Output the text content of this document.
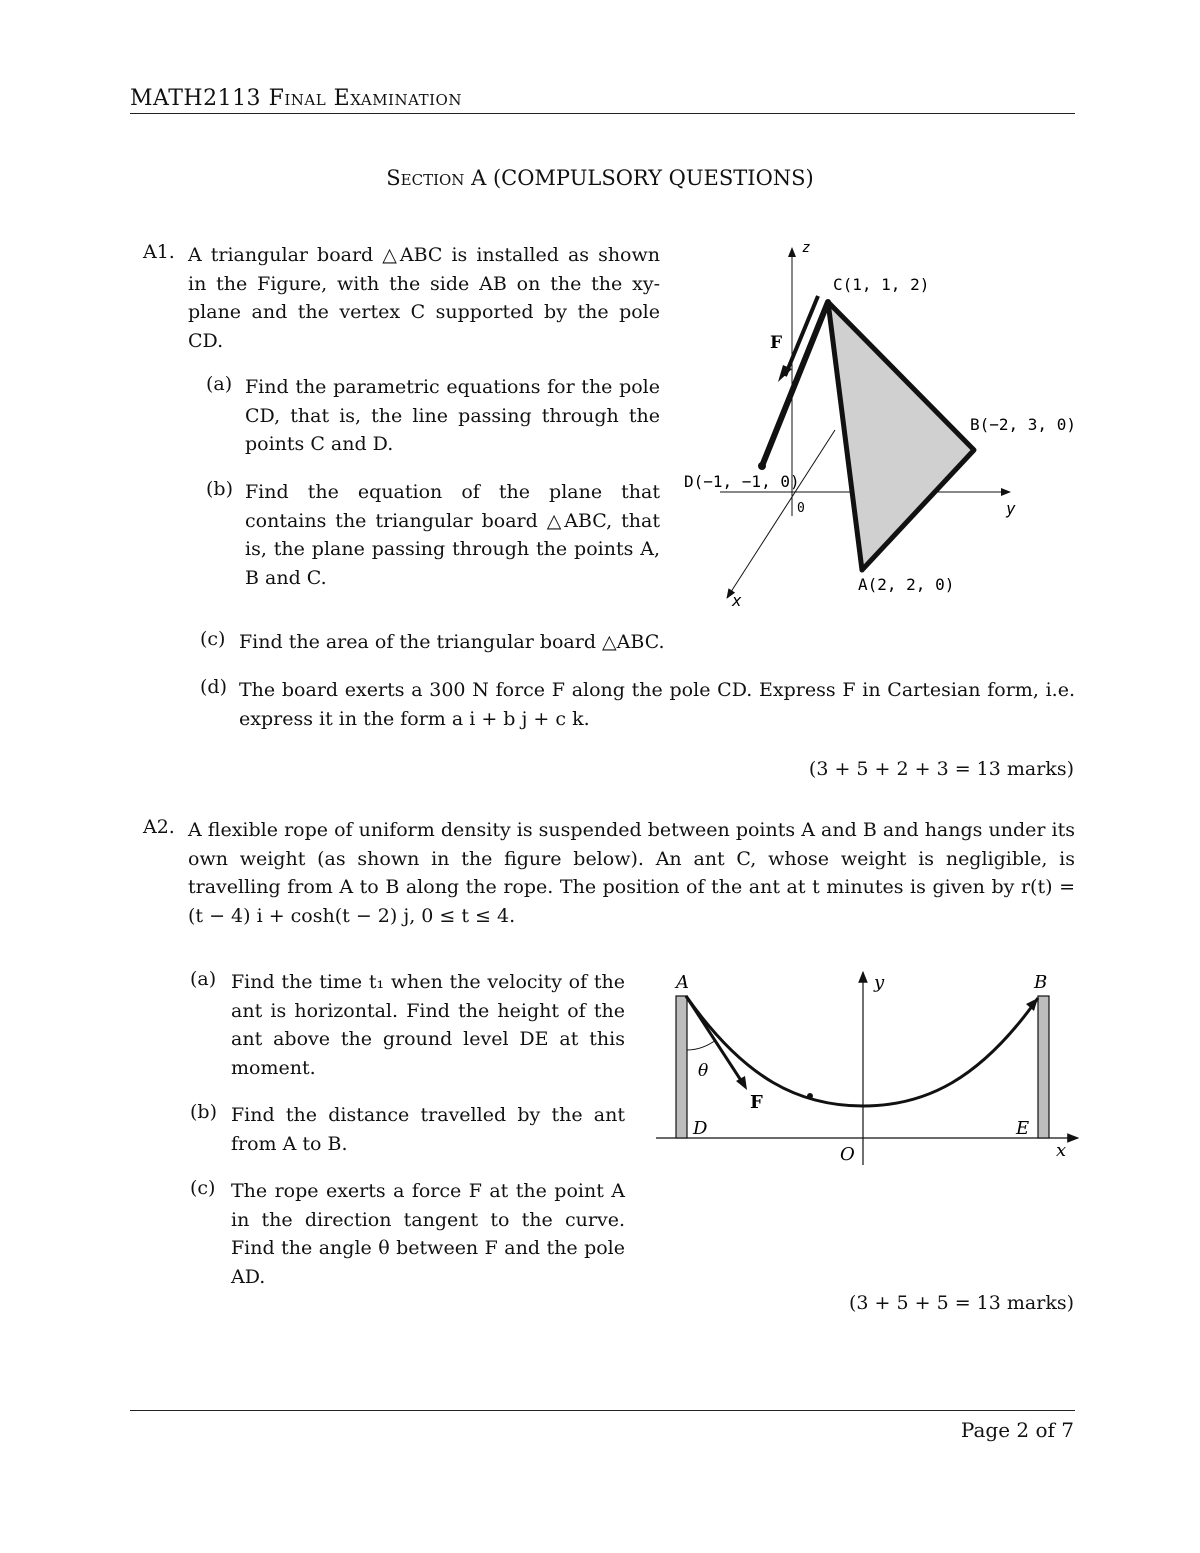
MATH2113 Final Examination
Section A (COMPULSORY QUESTIONS)
A1. A triangular board △ABC is installed as shown in the Figure, with the side AB on the the xy-plane and the vertex C supported by the pole CD.
(a) Find the parametric equations for the pole CD, that is, the line passing through the points C and D.
(b) Find the equation of the plane that contains the triangular board △ABC, that is, the plane passing through the points A, B and C.
z
y
x
0
F
C(1, 1, 2)
B(−2, 3, 0)
D(−1, −1, 0)
A(2, 2, 0)
(c) Find the area of the triangular board △ABC.
(d) The board exerts a 300 N force F along the pole CD. Express F in Cartesian form, i.e. express it in the form a i + b j + c k.
(3 + 5 + 2 + 3 = 13 marks)
A2. A flexible rope of uniform density is suspended between points A and B and hangs under its own weight (as shown in the figure below). An ant C, whose weight is negligible, is travelling from A to B along the rope. The position of the ant at t minutes is given by r(t) = (t − 4) i + cosh(t − 2) j, 0 ≤ t ≤ 4.
(a) Find the time t₁ when the velocity of the ant is horizontal. Find the height of the ant above the ground level DE at this moment.
(b) Find the distance travelled by the ant from A to B.
(c) The rope exerts a force F at the point A in the direction tangent to the curve. Find the angle θ between F and the pole AD.
A	B
y
x
O
D	E
θ
F
(3 + 5 + 5 = 13 marks)
Page 2 of 7
